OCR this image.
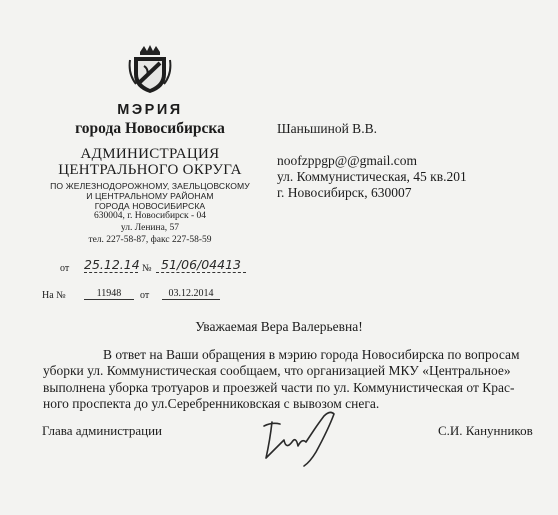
МЭРИЯ
города Новосибирска
АДМИНИСТРАЦИЯ
ЦЕНТРАЛЬНОГО ОКРУГА
ПО ЖЕЛЕЗНОДОРОЖНОМУ, ЗАЕЛЬЦОВСКОМУ
И ЦЕНТРАЛЬНОМУ РАЙОНАМ
ГОРОДА НОВОСИБИРСКА
630004, г. Новосибирск - 04
ул. Ленина, 57
тел. 227-58-87, факс 227-58-59
Шаньшиной В.В.
noofzppgp@@gmail.com
ул. Коммунистическая, 45 кв.201
г. Новосибирск, 630007
от 25.12.14 № 51/06/04413
На №	11948	от	03.12.2014
Уважаемая Вера Валерьевна!
В ответ на Ваши обращения в мэрию города Новосибирска по вопросам
уборки ул. Коммунистическая сообщаем, что организацией МКУ «Центральное»
выполнена уборка тротуаров и проезжей части по ул. Коммунистическая от Крас-
ного проспекта до ул.Серебренниковская с вывозом снега.
Глава администрации	С.И. Канунников
